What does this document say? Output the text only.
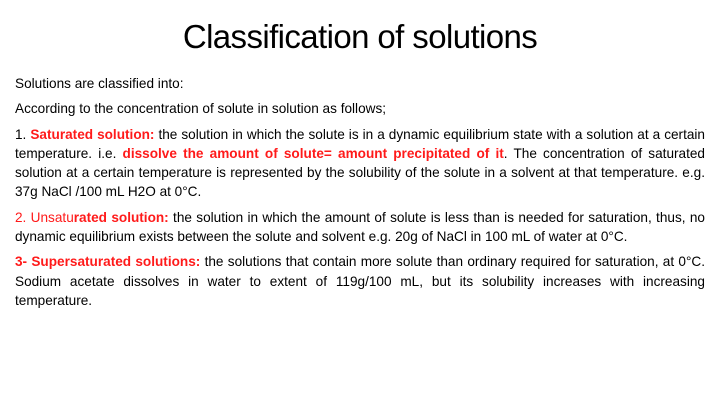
Classification of solutions

Solutions are classified into:

According to the concentration of solute in solution as follows;

1. Saturated solution: the solution in which the solute is in a dynamic equilibrium state with a solution at a certain temperature. i.e. dissolve the amount of solute= amount precipitated of it. The concentration of saturated solution at a certain temperature is represented by the solubility of the solute in a solvent at that temperature. e.g. 37g NaCl /100 mL H2O at 0°C.

2. Unsaturated solution: the solution in which the amount of solute is less than is needed for saturation, thus, no dynamic equilibrium exists between the solute and solvent e.g. 20g of NaCl in 100 mL of water at 0°C.

3- Supersaturated solutions: the solutions that contain more solute than ordinary required for saturation, at 0°C. Sodium acetate dissolves in water to extent of 119g/100 mL, but its solubility increases with increasing temperature.
